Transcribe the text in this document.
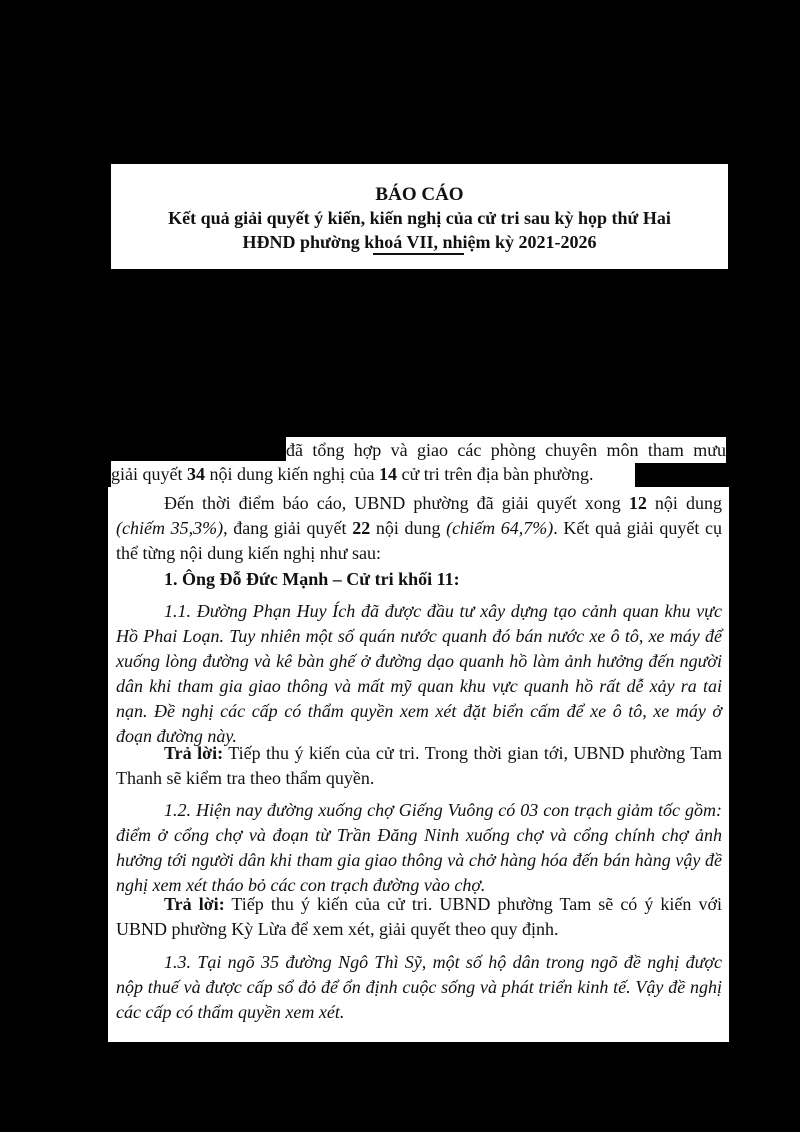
BÁO CÁO
Kết quả giải quyết ý kiến, kiến nghị của cử tri sau kỳ họp thứ Hai
HĐND phường khoá VII, nhiệm kỳ 2021-2026
đã tổng hợp và giao các phòng chuyên môn tham mưu
giải quyết 34 nội dung kiến nghị của 14 cử tri trên địa bàn phường.
Đến thời điểm báo cáo, UBND phường đã giải quyết xong 12 nội dung (chiếm 35,3%), đang giải quyết 22 nội dung (chiếm 64,7%). Kết quả giải quyết cụ thể từng nội dung kiến nghị như sau:
1. Ông Đỗ Đức Mạnh – Cử tri khối 11:
1.1. Đường Phạn Huy Ích đã được đầu tư xây dựng tạo cảnh quan khu vực Hồ Phai Loạn. Tuy nhiên một số quán nước quanh đó bán nước xe ô tô, xe máy để xuống lòng đường và kê bàn ghế ở đường dạo quanh hồ làm ảnh hưởng đến người dân khi tham gia giao thông và mất mỹ quan khu vực quanh hồ rất dễ xảy ra tai nạn. Đề nghị các cấp có thẩm quyền xem xét đặt biển cấm để xe ô tô, xe máy ở đoạn đường này.
Trả lời: Tiếp thu ý kiến của cử tri. Trong thời gian tới, UBND phường Tam Thanh sẽ kiểm tra theo thẩm quyền.
1.2. Hiện nay đường xuống chợ Giếng Vuông có 03 con trạch giảm tốc gồm: điểm ở cổng chợ và đoạn từ Trần Đăng Ninh xuống chợ và cổng chính chợ ảnh hưởng tới người dân khi tham gia giao thông và chở hàng hóa đến bán hàng vậy đề nghị xem xét tháo bỏ các con trạch đường vào chợ.
Trả lời: Tiếp thu ý kiến của cử tri. UBND phường Tam sẽ có ý kiến với UBND phường Kỳ Lừa để xem xét, giải quyết theo quy định.
1.3. Tại ngõ 35 đường Ngô Thì Sỹ, một số hộ dân trong ngõ đề nghị được nộp thuế và được cấp sổ đỏ để ổn định cuộc sống và phát triển kinh tế. Vậy đề nghị các cấp có thẩm quyền xem xét.
